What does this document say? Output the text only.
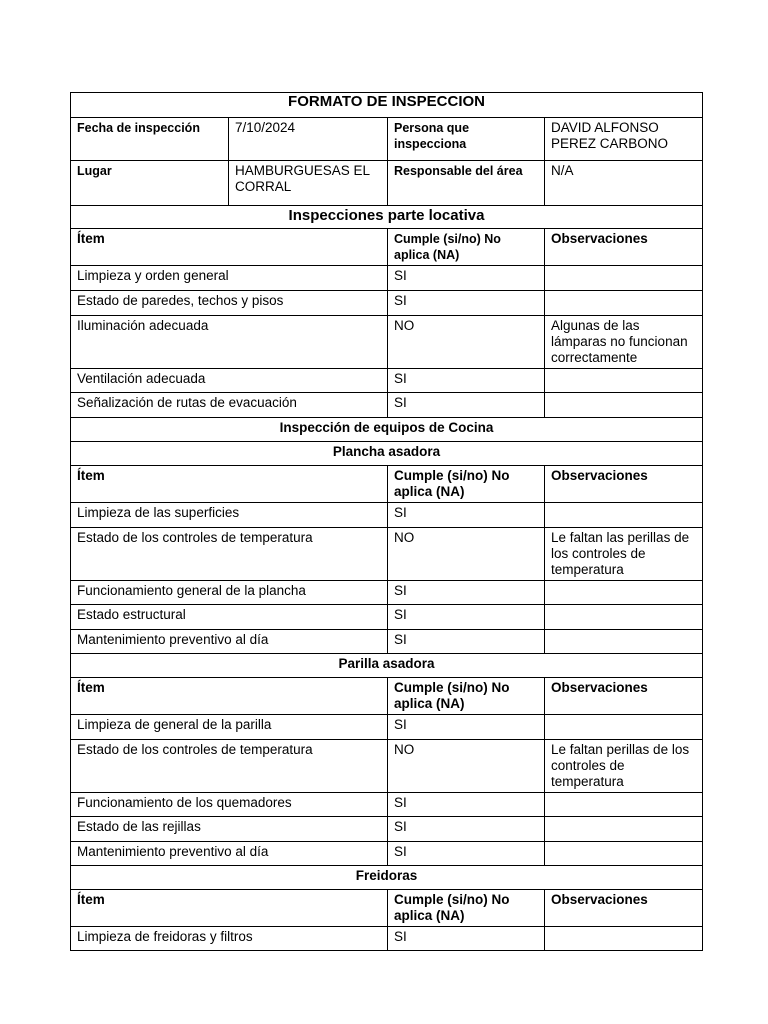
FORMATO DE INSPECCION			
Fecha de inspección	7/10/2024	Persona que inspecciona	DAVID ALFONSO PEREZ CARBONO
Lugar	HAMBURGUESAS EL CORRAL	Responsable del área	N/A
Inspecciones parte locativa			
Ítem		Cumple (si/no) No aplica (NA)	Observaciones
Limpieza y orden general		SI	
Estado de paredes, techos y pisos		SI	
Iluminación adecuada		NO	Algunas de las lámparas no funcionan correctamente
Ventilación adecuada		SI	
Señalización de rutas de evacuación		SI	
Inspección de equipos de Cocina			
Plancha asadora			
Ítem		Cumple (si/no) No aplica (NA)	Observaciones
Limpieza de las superficies		SI	
Estado de los controles de temperatura		NO	Le faltan las perillas de los controles de temperatura
Funcionamiento general de la plancha		SI	
Estado estructural		SI	
Mantenimiento preventivo al día		SI	
Parilla asadora			
Ítem		Cumple (si/no) No aplica (NA)	Observaciones
Limpieza de general de la parilla		SI	
Estado de los controles de temperatura		NO	Le faltan perillas de los controles de temperatura
Funcionamiento de los quemadores		SI	
Estado de las rejillas		SI	
Mantenimiento preventivo al día		SI	
Freidoras			
Ítem		Cumple (si/no) No aplica (NA)	Observaciones
Limpieza de freidoras y filtros		SI	
